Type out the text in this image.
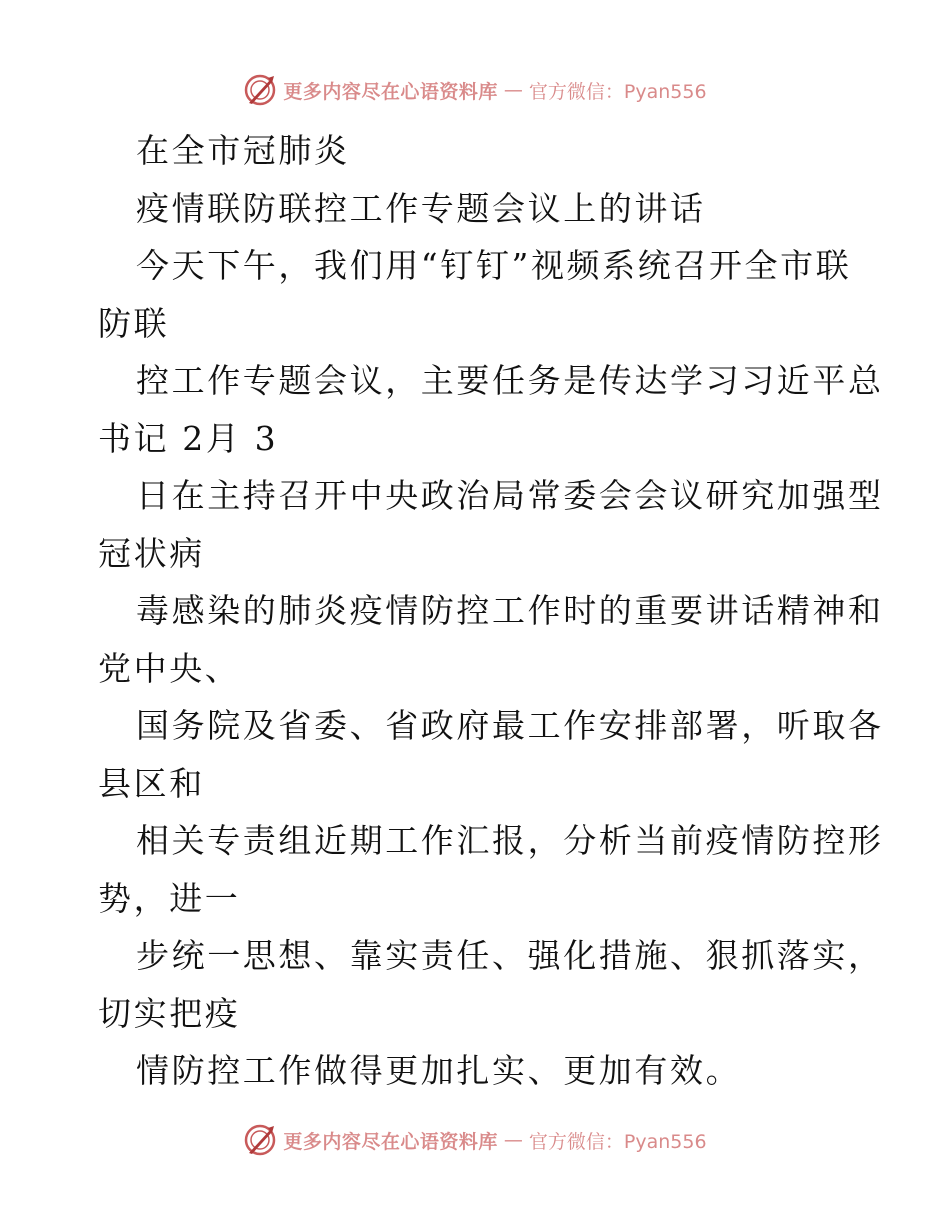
更多内容尽在心语资料库 — 官方微信：Pyan556
在全市冠肺炎
疫情联防联控工作专题会议上的讲话
今天下午，我们用“钉钉”视频系统召开全市联
防联
控工作专题会议，主要任务是传达学习习近平总
书记 2月 3
日在主持召开中央政治局常委会会议研究加强型
冠状病
毒感染的肺炎疫情防控工作时的重要讲话精神和
党中央、
国务院及省委、省政府最工作安排部署，听取各
县区和
相关专责组近期工作汇报，分析当前疫情防控形
势，进一
步统一思想、靠实责任、强化措施、狠抓落实，
切实把疫
情防控工作做得更加扎实、更加有效。
更多内容尽在心语资料库 — 官方微信：Pyan556
